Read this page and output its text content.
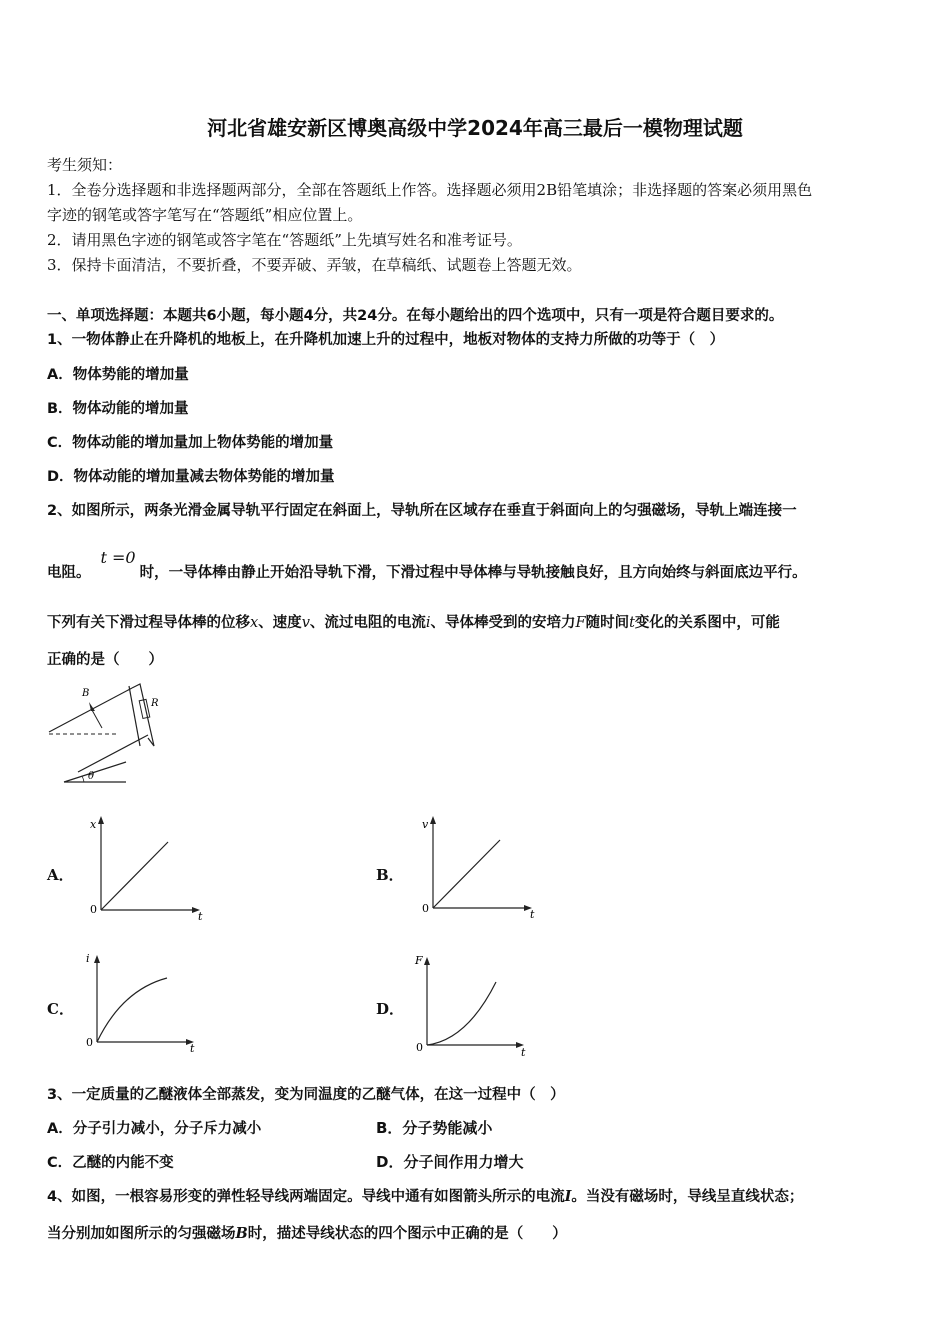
河北省雄安新区博奥高级中学2024年高三最后一模物理试题
考生须知：
1．全卷分选择题和非选择题两部分，全部在答题纸上作答。选择题必须用2B铅笔填涂；非选择题的答案必须用黑色
字迹的钢笔或答字笔写在“答题纸”相应位置上。
2．请用黑色字迹的钢笔或答字笔在“答题纸”上先填写姓名和准考证号。
3．保持卡面清洁，不要折叠，不要弄破、弄皱，在草稿纸、试题卷上答题无效。
一、单项选择题：本题共6小题，每小题4分，共24分。在每小题给出的四个选项中，只有一项是符合题目要求的。
1、一物体静止在升降机的地板上，在升降机加速上升的过程中，地板对物体的支持力所做的功等于（　）
A．物体势能的增加量
B．物体动能的增加量
C．物体动能的增加量加上物体势能的增加量
D．物体动能的增加量减去物体势能的增加量
2、如图所示，两条光滑金属导轨平行固定在斜面上，导轨所在区域存在垂直于斜面向上的匀强磁场，导轨上端连接一
电阻。t =0时，一导体棒由静止开始沿导轨下滑，下滑过程中导体棒与导轨接触良好，且方向始终与斜面底边平行。
下列有关下滑过程导体棒的位移x、速度v、流过电阻的电流i、导体棒受到的安培力F随时间t变化的关系图中，可能
正确的是（　　）
B
R
θ
A．	B．
C．	D．
x
t
0
v
t
0
i
t
0
F
t
0
3、一定质量的乙醚液体全部蒸发，变为同温度的乙醚气体，在这一过程中（　）
A．分子引力减小，分子斥力减小	B．分子势能减小
C．乙醚的内能不变	D．分子间作用力增大
4、如图，一根容易形变的弹性轻导线两端固定。导线中通有如图箭头所示的电流I。当没有磁场时，导线呈直线状态；
当分别加如图所示的匀强磁场B时，描述导线状态的四个图示中正确的是（　　）
